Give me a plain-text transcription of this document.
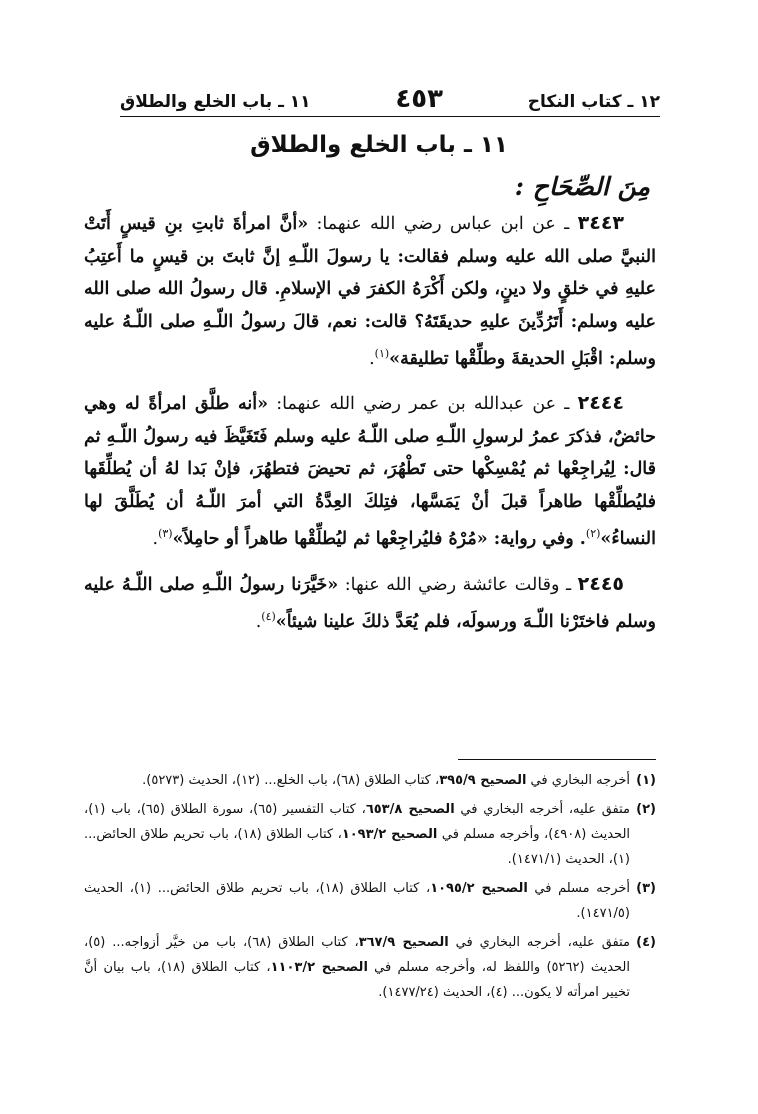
١٢ ـ كتاب النكاح
٤٥٣
١١ ـ باب الخلع والطلاق
١١ ـ باب الخلع والطلاق
مِنَ الصِّحَاحِ :

٣٤٤٣ ـ عن ابن عباس رضي الله عنهما: «أنَّ امرأةَ ثابتِ بنِ قيسٍ أَتَتْ النبيَّ صلى الله عليه وسلم فقالت: يا رسولَ اللّـهِ إنَّ ثابتَ بن قيسٍ ما أَعتِبُ عليهِ في خلقٍ ولا دينٍ، ولكن أَكْرَهُ الكفرَ في الإسلامِ. قال رسولُ الله صلى الله عليه وسلم: أَتَرُدِّينَ عليهِ حديقَتَهُ؟ قالت: نعم، قالَ رسولُ اللّـهِ صلى اللّـهُ عليه وسلم: اقْبَلِ الحديقةَ وطلِّقْها تطليقة»$^{(١)}$.

٢٤٤٤ ـ عن عبدالله بن عمر رضي الله عنهما: «أنه طلَّق امرأةً له وهي حائضٌ، فذكرَ عمرُ لرسولِ اللّـهِ صلى اللّـهُ عليه وسلم فَتَغَيَّظَ فيه رسولُ اللّـهِ ثم قال: لِيُراجِعْها ثم يُمْسِكْها حتى تَطْهُرَ، ثم تحيضَ فتطهُرَ، فإنْ بَدا لهُ أن يُطلِّقَها فليُطلِّقْها طاهراً قبلَ أنْ يَمَسَّها، فتِلكَ العِدَّةُ التي أمرَ اللّـهُ أن يُطَلَّقَ لها النساءُ»$^{(٢)}$. وفي رواية: «مُرْهُ فليُراجِعْها ثم ليُطلِّقْها طاهراً أو حامِلاً»$^{(٣)}$.

٢٤٤٥ ـ وقالت عائشة رضي الله عنها: «خَيَّرَنا رسولُ اللّـهِ صلى اللّـهُ عليه وسلم فاختَرْنا اللّـهَ ورسولَه، فلم يُعَدَّ ذلكَ علينا شيئاً»$^{(٤)}$.

(١)
أخرجه البخاري في الصحيح ٣٩٥/٩، كتاب الطلاق (٦٨)، باب الخلع... (١٢)، الحديث (٥٢٧٣).

(٢)
متفق عليه، أخرجه البخاري في الصحيح ٦٥٣/٨، كتاب التفسير (٦٥)، سورة الطلاق (٦٥)، باب (١)، الحديث (٤٩٠٨)، وأخرجه مسلم في الصحيح ١٠٩٣/٢، كتاب الطلاق (١٨)، باب تحريم طلاق الحائض... (١)، الحديث (١٤٧١/١).

(٣)
أخرجه مسلم في الصحيح ١٠٩٥/٢، كتاب الطلاق (١٨)، باب تحريم طلاق الحائض... (١)، الحديث (١٤٧١/٥).

(٤)
متفق عليه، أخرجه البخاري في الصحيح ٣٦٧/٩، كتاب الطلاق (٦٨)، باب من خيَّر أزواجه... (٥)، الحديث (٥٢٦٢) واللفظ له، وأخرجه مسلم في الصحيح ١١٠٣/٢، كتاب الطلاق (١٨)، باب بيان أنَّ تخيير امرأته لا يكون... (٤)، الحديث (١٤٧٧/٢٤).
